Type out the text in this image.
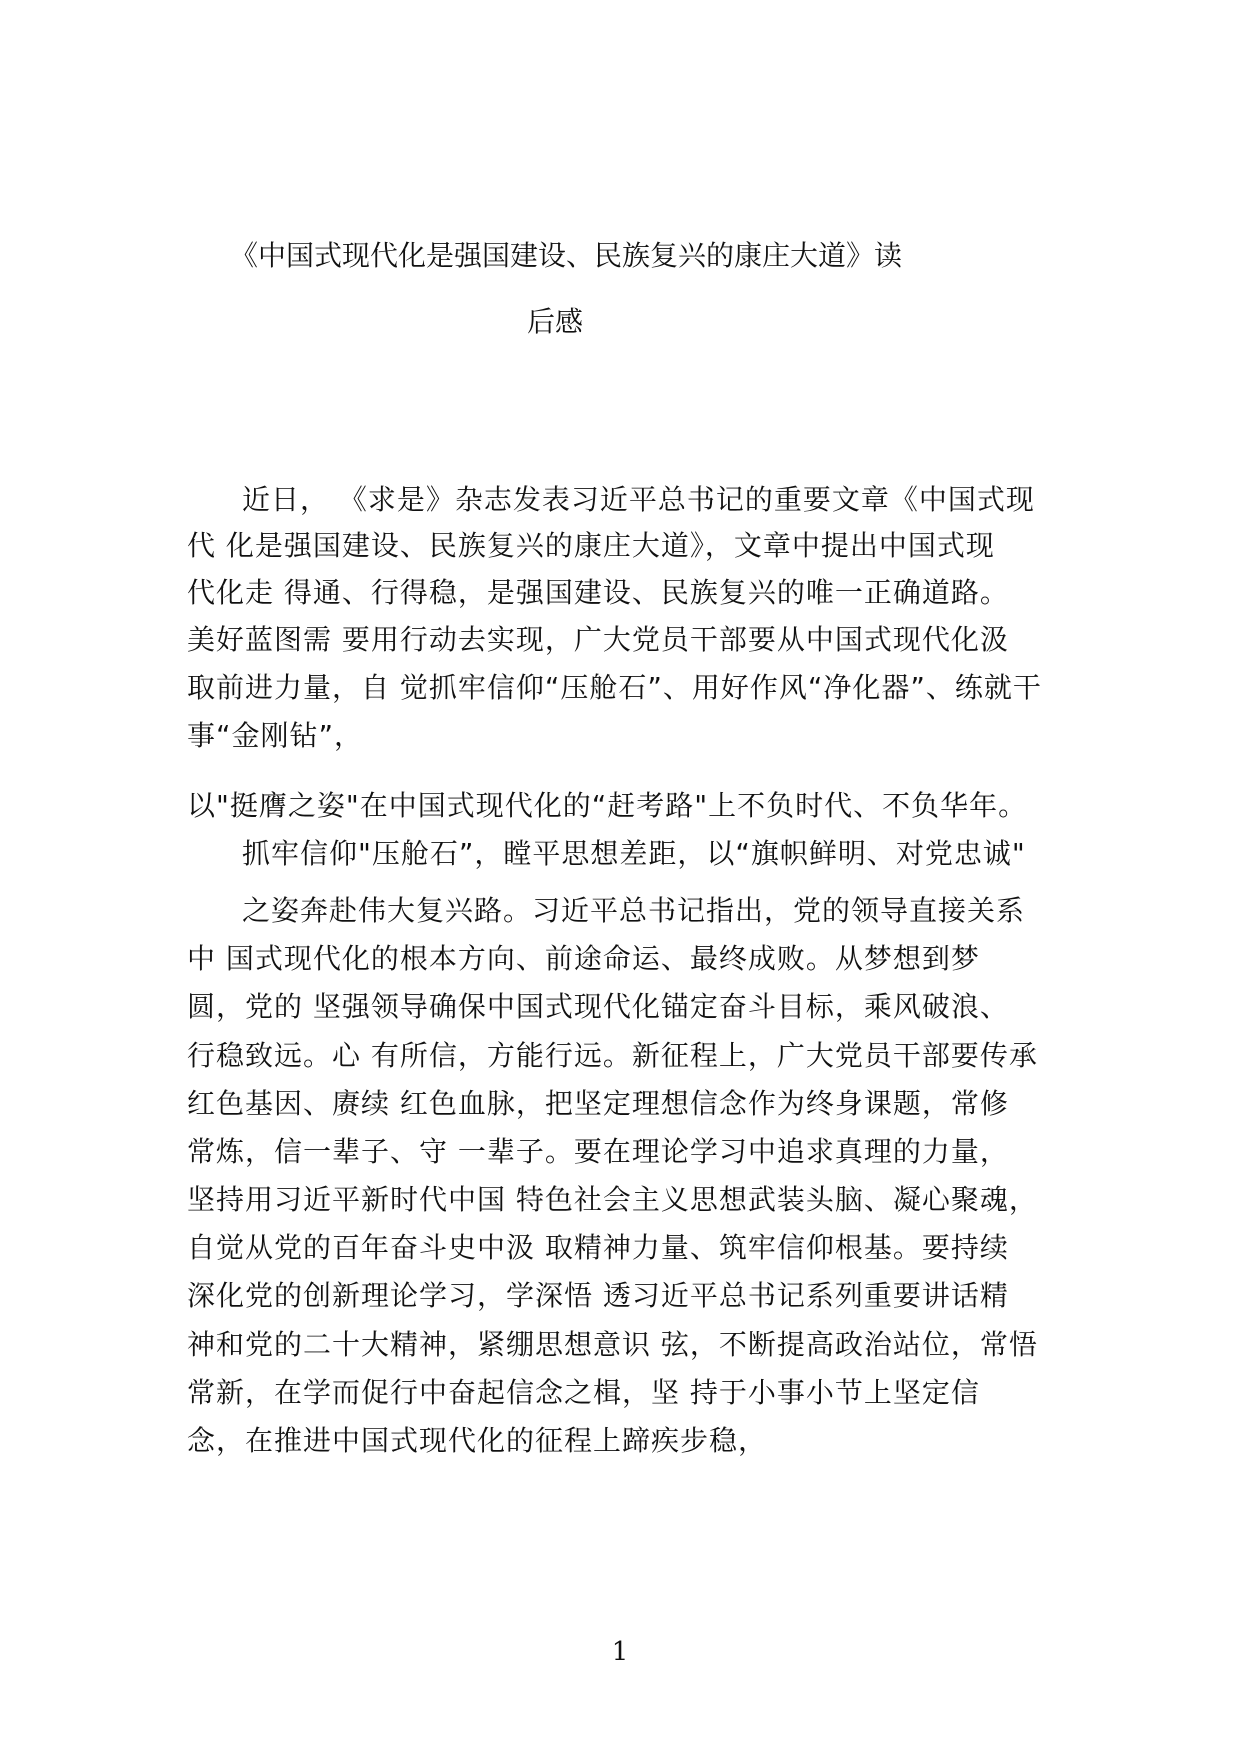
《中国式现代化是强国建设、民族复兴的康庄大道》读
后感
近日， 《求是》杂志发表习近平总书记的重要文章《中国式现
代 化是强国建设、民族复兴的康庄大道》，文章中提出中国式现
代化走 得通、行得稳，是强国建设、民族复兴的唯一正确道路。
美好蓝图需 要用行动去实现，广大党员干部要从中国式现代化汲
取前进力量，自 觉抓牢信仰“压舱石”、用好作风“净化器”、练就干
事“金刚钻”，
以"挺膺之姿"在中国式现代化的“赶考路"上不负时代、不负华年。
抓牢信仰"压舱石”，瞠平思想差距，以“旗帜鲜明、对党忠诚"
之姿奔赴伟大复兴路。习近平总书记指出，党的领导直接关系
中 国式现代化的根本方向、前途命运、最终成败。从梦想到梦
圆，党的 坚强领导确保中国式现代化锚定奋斗目标，乘风破浪、
行稳致远。心 有所信，方能行远。新征程上，广大党员干部要传承
红色基因、赓续 红色血脉，把坚定理想信念作为终身课题，常修
常炼，信一辈子、守 一辈子。要在理论学习中追求真理的力量，
坚持用习近平新时代中国 特色社会主义思想武装头脑、凝心聚魂，
自觉从党的百年奋斗史中汲 取精神力量、筑牢信仰根基。要持续
深化党的创新理论学习，学深悟 透习近平总书记系列重要讲话精
神和党的二十大精神，紧绷思想意识 弦，不断提高政治站位，常悟
常新，在学而促行中奋起信念之楫，坚 持于小事小节上坚定信
念，在推进中国式现代化的征程上蹄疾步稳，
1
